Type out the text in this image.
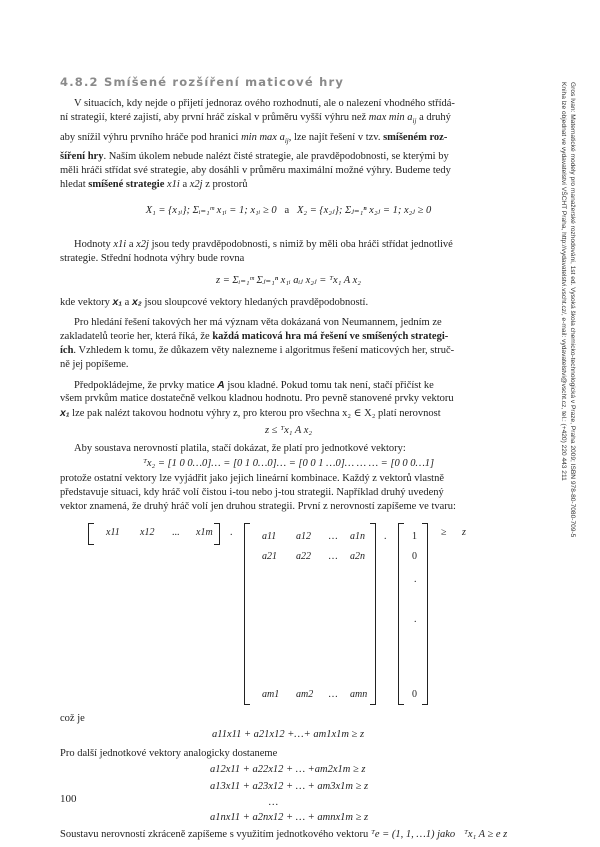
Gros Ivan: Matematické modely pro manažerské rozhodování, 1st ed. Vysoká škola chemicko-technologická v Praze, Praha 2009; ISBN 978-80-7080-709-5
Kniha lze objednat ve vydavatelství VŠCHT Praha, http://vydavatelstvi.vscht.cz/, e-mail: vydavatelstvi@vscht.cz, tel.: (+420) 220 443 211
4.8.2 Smíšené rozšíření maticové hry
V situacích, kdy nejde o přijetí jednoraz ového rozhodnutí, ale o nalezení vhodného střídá-
ní strategií, které zajistí, aby první hráč získal v průměru vyšší výhru než $\max \min a_{ij}$ a druhý
aby snížil výhru prvního hráče pod hranici $\min \max a_{ij}$, lze najít řešení v tzv. smíšeném roz-
šíření hry. Naším úkolem nebude nalézt čisté strategie, ale pravděpodobnosti, se kterými by
měli hráči střídat své strategie, aby dosáhli v průměru maximální možné výhry. Budeme tedy
hledat smíšené strategie x1i a x2j z prostorů
X₁ = {x₁ᵢ}; Σᵢ₌₁ᵐ x₁ᵢ = 1; x₁ᵢ ≥ 0 a X₂ = {x₂ⱼ}; Σⱼ₌₁ⁿ x₂ⱼ = 1; x₂ⱼ ≥ 0
Hodnoty x1i a x2j jsou tedy pravděpodobnosti, s nimiž by měli oba hráči střídat jednotlivé
strategie. Střední hodnota výhry bude rovna
z = Σᵢ₌₁ᵐ Σⱼ₌₁ⁿ x₁ᵢ aᵢⱼ x₂ⱼ = ᵀx₁ A x₂
kde vektory x₁ a x₂ jsou sloupcové vektory hledaných pravděpodobností.
Pro hledání řešení takových her má význam věta dokázaná von Neumannem, jedním ze
zakladatelů teorie her, která říká, že každá maticová hra má řešení ve smíšených strategi-
ích. Vzhledem k tomu, že důkazem věty nalezneme i algoritmus řešení maticových her, struč-
ně jej popíšeme.
Předpokládejme, že prvky matice A jsou kladné. Pokud tomu tak není, stačí přičíst ke
všem prvkům matice dostatečně velkou kladnou hodnotu. Pro pevně stanovené prvky vektoru
x₁ lze pak nalézt takovou hodnotu výhry z, pro kterou pro všechna x₂ ∈ X₂ platí nerovnost
z ≤ ᵀx₁ A x₂
Aby soustava nerovností platila, stačí dokázat, že platí pro jednotkové vektory:
ᵀx₂ = [1 0 0…0]… = [0 1 0…0]… = [0 0 1 …0]… … … = [0 0 0…1]
protože ostatní vektory lze vyjádřit jako jejich lineární kombinace. Každý z vektorů vlastně
představuje situaci, kdy hráč volí čistou i-tou nebo j-tou strategii. Například druhý uvedený
vektor znamená, že druhý hráč volí jen druhou strategii. První z nerovností zapíšeme ve tvaru:
x11 x12 ... x1m .	a11 a12 … a1n
a21 a22 … a2n
am1 am2 … amn
.	1
0
.
.
0
≥ z
což je
a11x11 + a21x12 +…+ am1x1m ≥ z
Pro další jednotkové vektory analogicky dostaneme
a12x11 + a22x12 + … +am2x1m ≥ z
a13x11 + a23x12 + … + am3x1m ≥ z
…
a1nx11 + a2nx12 + … + amnx1m ≥ z
Soustavu nerovností zkráceně zapíšeme s využitím jednotkového vektoru ᵀe = (1, 1, …1) jako ᵀx₁ A ≥ e z
100
